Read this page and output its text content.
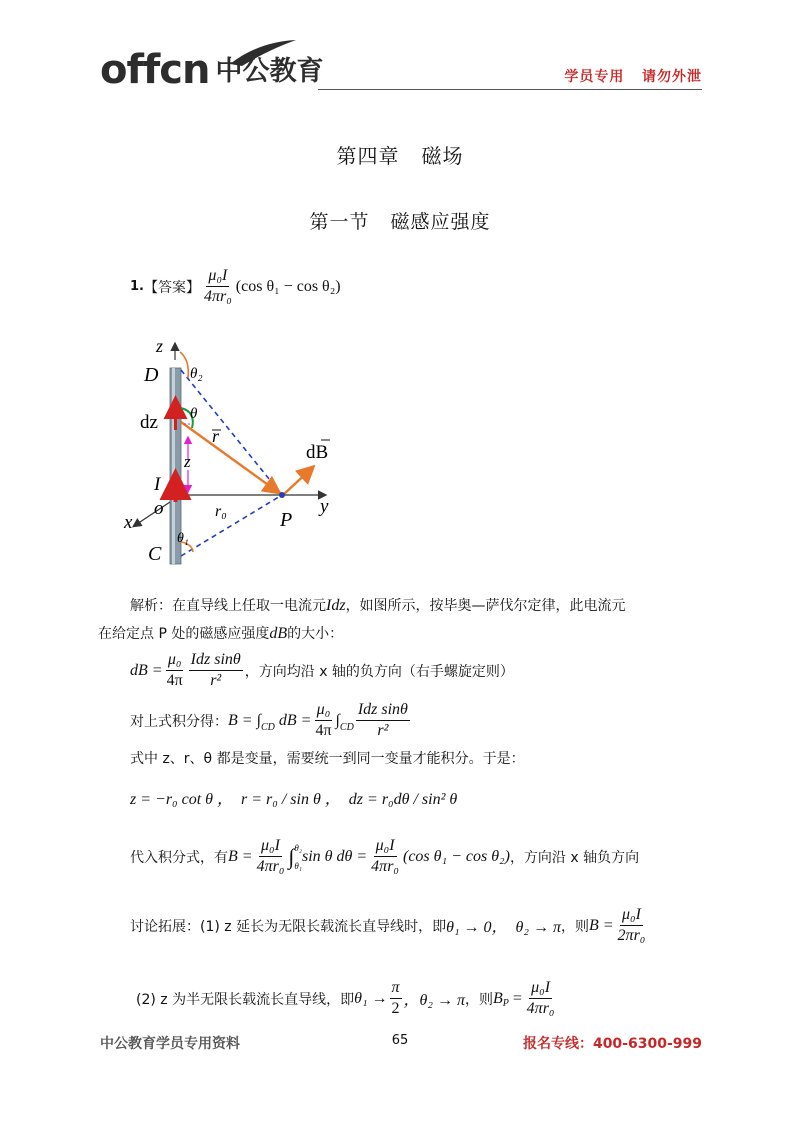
offcn 中公教育	学员专用   请勿外泄
第四章   磁场
第一节   磁感应强度
1. 【答案】 $\frac{\text{μ₀I}}{\text{4πr₀}} (\cos$ θ₁ − cos θ₂)
z
D θ₂
dz θ
r
z	dB
I
y
o	r₀
x	P
θ₁
C
解析：在直导线上任取一电流元Idz，如图所示，按毕奥—萨伐尔定律，此电流元
在给定点 P 处的磁感应强度dB的大小：
dB = $\frac{\text{μ₀}}{4\pi} \frac{\text{Idz sinθ}}{\text{r²}}$ ，方向均沿 x 轴的负方向（右手螺旋定则）
对上式积分得： $B = \int_{CD}$ dB = $\frac{\text{μ₀}}{4\pi} \int_{CD} \frac{\text{Idz sinθ}}{\text{r²}}$
式中 z、r、θ 都是变量，需要统一到同一变量才能积分。于是：
z = −r₀ cot θ ，  r = r₀ / sin θ ，  dz = r₀dθ / sin² θ
代入积分式，有 $B = \frac{\text{μ₀I}}{\text{4πr₀}}$ ∫ θ₂
θ₁
sin θ $d\theta = \frac{\text{μ₀I}}{\text{4πr₀}} (\cos$ θ₁ − cos θ₂) ，方向沿 x 轴负方向
讨论拓展：(1) z 延长为无限长载流长直导线时，即 θ₁ → 0，  θ₂ → π ，则 $B = \frac{\text{μ₀I}}{\text{2πr₀}}$
(2) z 为半无限长载流长直导线，即 $\theta_1 \to \frac{\pi}{2}$ ，θ₂ → π ，则 $B_P = \frac{\text{μ₀I}}{\text{4πr₀}}$
中公教育学员专用资料	65	报名专线：400-6300-999
